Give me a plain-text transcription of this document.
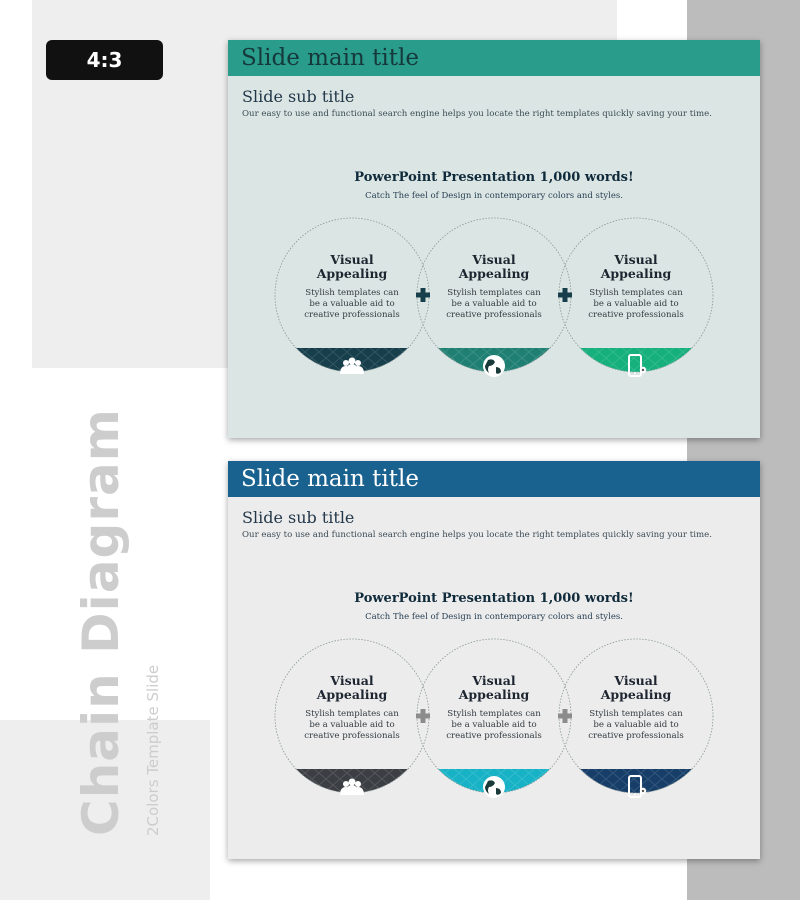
4:3
Chain Diagram 2Colors Template Slide
Slide main title
Slide sub title
Our easy to use and functional search engine helps you locate the right templates quickly saving your time.
PowerPoint Presentation 1,000 words!
Catch The feel of Design in contemporary colors and styles.
Visual
Appealing
Stylish templates can
be a valuable aid to
creative professionals
Visual
Appealing
Stylish templates can
be a valuable aid to
creative professionals
Visual
Appealing
Stylish templates can
be a valuable aid to
creative professionals
Slide main title
Slide sub title
Our easy to use and functional search engine helps you locate the right templates quickly saving your time.
PowerPoint Presentation 1,000 words!
Catch The feel of Design in contemporary colors and styles.
Visual
Appealing
Stylish templates can
be a valuable aid to
creative professionals
Visual
Appealing
Stylish templates can
be a valuable aid to
creative professionals
Visual
Appealing
Stylish templates can
be a valuable aid to
creative professionals
